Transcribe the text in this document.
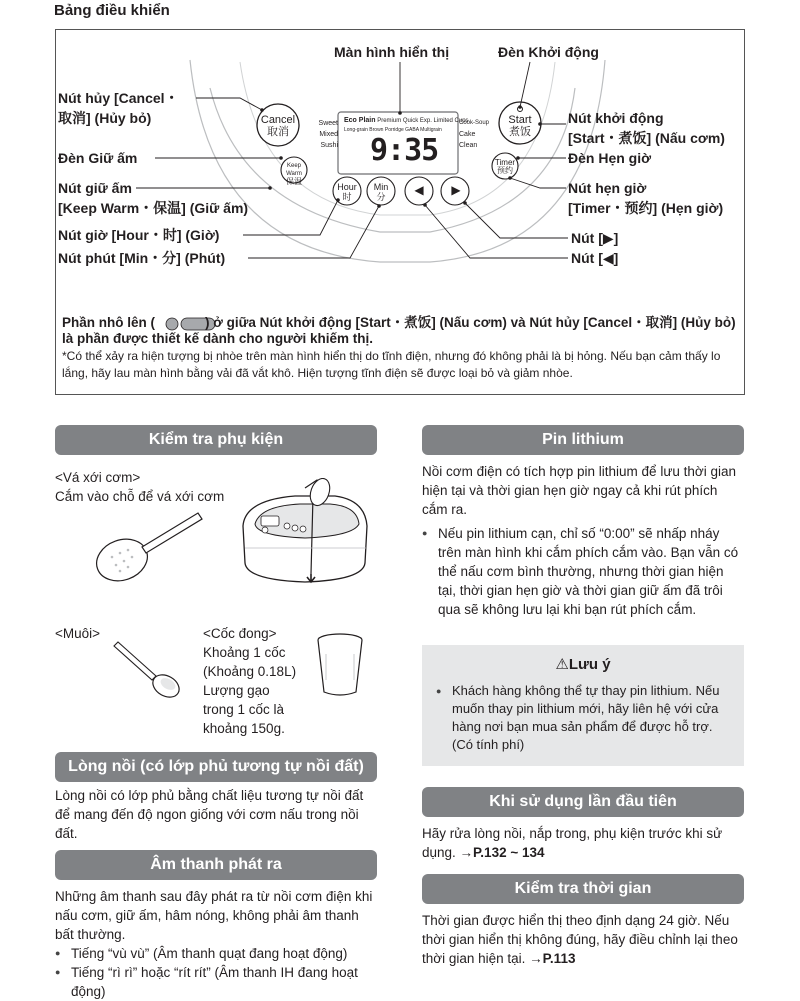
Bảng điều khiển
Cancel
取消
Keep Warm
保温
Hour
时
Min
分	◀	▶
Start
煮饭
Timer
预约
Sweet
Mixed
Sushi
Eco Plain Premium Quick Exp. Limited Cups
Long-grain Brown Porridge GABA Multigrain
Cook-Soup
Cake
Clean
9:35
Màn hình hiển thị	Đèn Khởi động
Nút hủy [Cancel・
取消] (Hủy bỏ)
Đèn Giữ ấm
Nút giữ ấm
[Keep Warm・保温] (Giữ ấm)
Nút giờ [Hour・时] (Giờ)
Nút phút [Min・分] (Phút)
Nút khởi động
[Start・煮饭] (Nấu cơm)
Đèn Hẹn giờ
Nút hẹn giờ
[Timer・预约] (Hẹn giờ)
Nút [▶]
Nút [◀]
Phần nhô lên (	) ở giữa Nút khởi động [Start・煮饭] (Nấu cơm) và Nút hủy [Cancel・取消] (Hủy bỏ) là phần được thiết kế dành cho người khiếm thị.
*Có thể xảy ra hiện tượng bị nhòe trên màn hình hiển thị do tĩnh điện, nhưng đó không phải là bị hỏng. Nếu bạn cảm thấy lo lắng, hãy lau màn hình bằng vải đã vắt khô. Hiện tượng tĩnh điện sẽ được loại bỏ và giảm nhòe.
Kiểm tra phụ kiện
<Vá xới cơm>
Cắm vào chỗ để vá xới cơm
<Muôi>	<Cốc đong>
Khoảng 1 cốc
(Khoảng 0.18L)
Lượng gạo
trong 1 cốc là
khoảng 150g.
Lòng nồi (có lớp phủ tương tự nồi đất)
Lòng nồi có lớp phủ bằng chất liệu tương tự nồi đất để mang đến độ ngon giống với cơm nấu trong nồi đất.
Âm thanh phát ra
Những âm thanh sau đây phát ra từ nồi cơm điện khi nấu cơm, giữ ấm, hâm nóng, không phải âm thanh bất thường.
● Tiếng “vù vù” (Âm thanh quạt đang hoạt động)
● Tiếng “rì rì” hoặc “rít rít” (Âm thanh IH đang hoạt động)
Pin lithium
Nồi cơm điện có tích hợp pin lithium để lưu thời gian hiện tại và thời gian hẹn giờ ngay cả khi rút phích cắm ra.
● Nếu pin lithium cạn, chỉ số “0:00” sẽ nhấp nháy trên màn hình khi cắm phích cắm vào. Bạn vẫn có thể nấu cơm bình thường, nhưng thời gian hiện tại, thời gian hẹn giờ và thời gian giữ ấm đã trôi qua sẽ không lưu lại khi bạn rút phích cắm.
⚠Lưu ý
● Khách hàng không thể tự thay pin lithium. Nếu muốn thay pin lithium mới, hãy liên hệ với cửa hàng nơi bạn mua sản phẩm để được hỗ trợ. (Có tính phí)
Khi sử dụng lần đầu tiên
Hãy rửa lòng nồi, nắp trong, phụ kiện trước khi sử dụng. →P.132 ~ 134
Kiểm tra thời gian
Thời gian được hiển thị theo định dạng 24 giờ. Nếu thời gian hiển thị không đúng, hãy điều chỉnh lại theo thời gian hiện tại. →P.113
